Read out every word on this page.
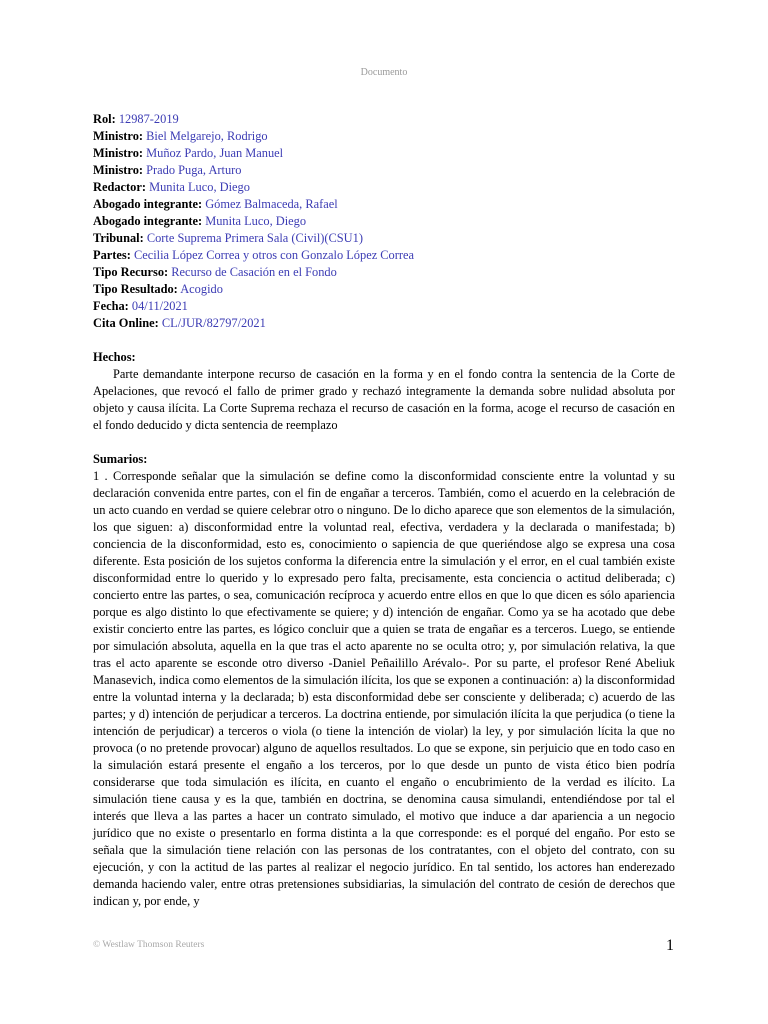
Documento
Rol: 12987-2019
Ministro: Biel Melgarejo, Rodrigo
Ministro: Muñoz Pardo, Juan Manuel
Ministro: Prado Puga, Arturo
Redactor: Munita Luco, Diego
Abogado integrante: Gómez Balmaceda, Rafael
Abogado integrante: Munita Luco, Diego
Tribunal: Corte Suprema Primera Sala (Civil)(CSU1)
Partes: Cecilia López Correa y otros con Gonzalo López Correa
Tipo Recurso: Recurso de Casación en el Fondo
Tipo Resultado: Acogido
Fecha: 04/11/2021
Cita Online: CL/JUR/82797/2021
Hechos:
Parte demandante interpone recurso de casación en la forma y en el fondo contra la sentencia de la Corte de Apelaciones, que revocó el fallo de primer grado y rechazó integramente la demanda sobre nulidad absoluta por objeto y causa ilícita. La Corte Suprema rechaza el recurso de casación en la forma, acoge el recurso de casación en el fondo deducido y dicta sentencia de reemplazo
Sumarios:
1 . Corresponde señalar que la simulación se define como la disconformidad consciente entre la voluntad y su declaración convenida entre partes, con el fin de engañar a terceros. También, como el acuerdo en la celebración de un acto cuando en verdad se quiere celebrar otro o ninguno. De lo dicho aparece que son elementos de la simulación, los que siguen: a) disconformidad entre la voluntad real, efectiva, verdadera y la declarada o manifestada; b) conciencia de la disconformidad, esto es, conocimiento o sapiencia de que queriéndose algo se expresa una cosa diferente. Esta posición de los sujetos conforma la diferencia entre la simulación y el error, en el cual también existe disconformidad entre lo querido y lo expresado pero falta, precisamente, esta conciencia o actitud deliberada; c) concierto entre las partes, o sea, comunicación recíproca y acuerdo entre ellos en que lo que dicen es sólo apariencia porque es algo distinto lo que efectivamente se quiere; y d) intención de engañar. Como ya se ha acotado que debe existir concierto entre las partes, es lógico concluir que a quien se trata de engañar es a terceros. Luego, se entiende por simulación absoluta, aquella en la que tras el acto aparente no se oculta otro; y, por simulación relativa, la que tras el acto aparente se esconde otro diverso -Daniel Peñailillo Arévalo-. Por su parte, el profesor René Abeliuk Manasevich, indica como elementos de la simulación ilícita, los que se exponen a continuación: a) la disconformidad entre la voluntad interna y la declarada; b) esta disconformidad debe ser consciente y deliberada; c) acuerdo de las partes; y d) intención de perjudicar a terceros. La doctrina entiende, por simulación ilícita la que perjudica (o tiene la intención de perjudicar) a terceros o viola (o tiene la intención de violar) la ley, y por simulación lícita la que no provoca (o no pretende provocar) alguno de aquellos resultados. Lo que se expone, sin perjuicio que en todo caso en la simulación estará presente el engaño a los terceros, por lo que desde un punto de vista ético bien podría considerarse que toda simulación es ilícita, en cuanto el engaño o encubrimiento de la verdad es ilícito. La simulación tiene causa y es la que, también en doctrina, se denomina causa simulandi, entendiéndose por tal el interés que lleva a las partes a hacer un contrato simulado, el motivo que induce a dar apariencia a un negocio jurídico que no existe o presentarlo en forma distinta a la que corresponde: es el porqué del engaño. Por esto se señala que la simulación tiene relación con las personas de los contratantes, con el objeto del contrato, con su ejecución, y con la actitud de las partes al realizar el negocio jurídico. En tal sentido, los actores han enderezado demanda haciendo valer, entre otras pretensiones subsidiarias, la simulación del contrato de cesión de derechos que indican y, por ende, y
© Westlaw Thomson Reuters	1
